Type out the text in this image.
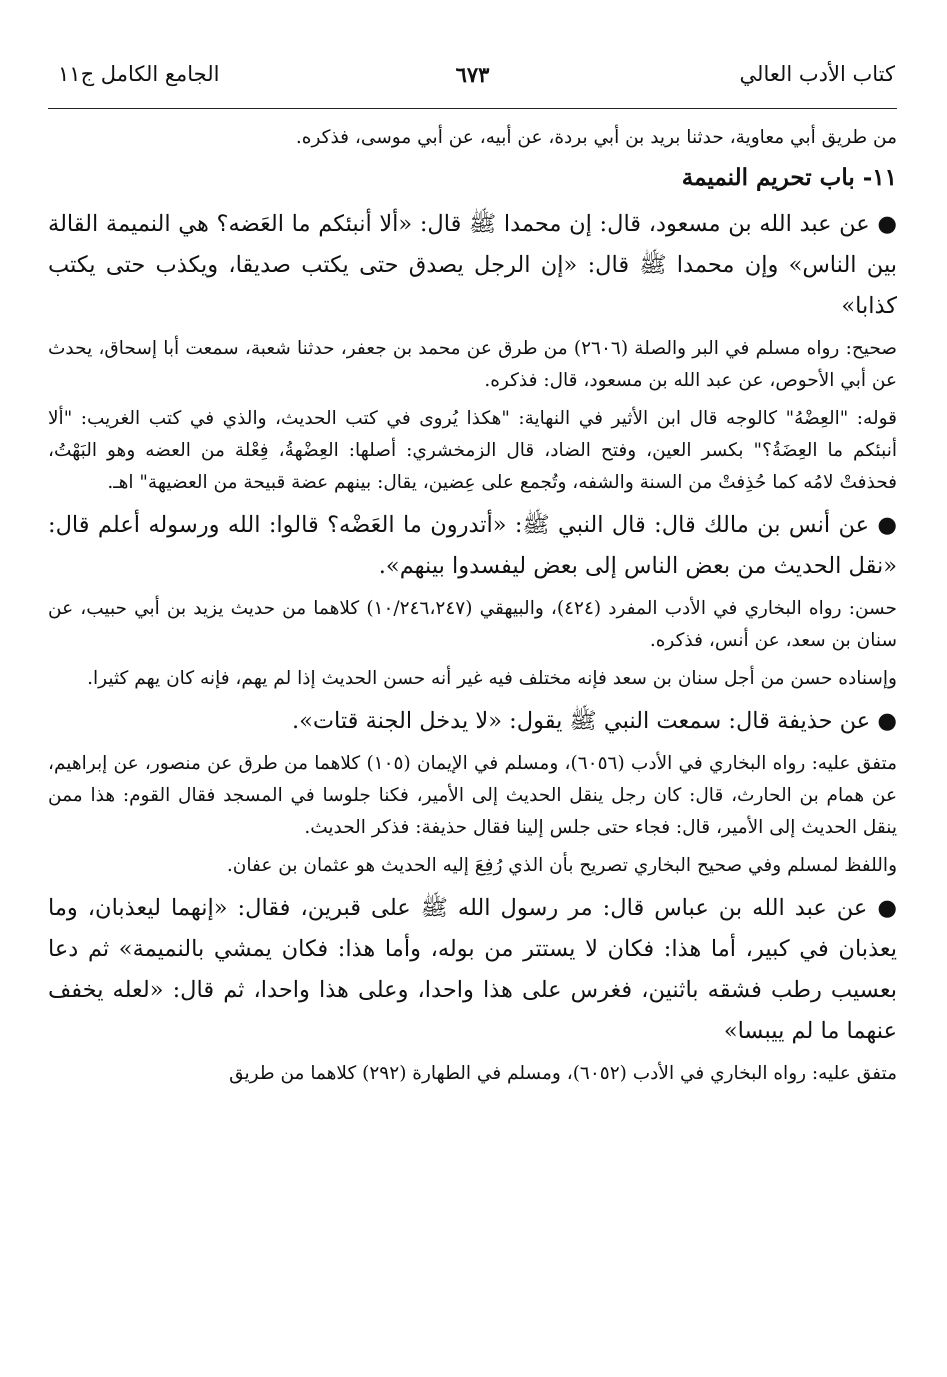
كتاب الأدب العالي
٦٧٣
الجامع الكامل ج١١

من طريق أبي معاوية، حدثنا بريد بن أبي بردة، عن أبيه، عن أبي موسى، فذكره.

١١- باب تحريم النميمة

● عن عبد الله بن مسعود، قال: إن محمدا ﷺ قال: «ألا أنبئكم ما العَضه؟ هي النميمة القالة بين الناس» وإن محمدا ﷺ قال: «إن الرجل يصدق حتى يكتب صديقا، ويكذب حتى يكتب كذابا»

صحيح: رواه مسلم في البر والصلة (٢٦٠٦) من طرق عن محمد بن جعفر، حدثنا شعبة، سمعت أبا إسحاق، يحدث عن أبي الأحوص، عن عبد الله بن مسعود، قال: فذكره.

قوله: "العِضْهُ" كالوجه قال ابن الأثير في النهاية: "هكذا يُروى في كتب الحديث، والذي في كتب الغريب: "ألا أنبئكم ما العِضَةُ؟" بكسر العين، وفتح الضاد، قال الزمخشري: أصلها: العِضْهةُ، فِعْلة من العضه وهو البَهْتُ، فحذفتْ لامُه كما حُذِفتْ من السنة والشفه، وتُجمع على عِضين، يقال: بينهم عضة قبيحة من العضيهة" اهـ.

● عن أنس بن مالك قال: قال النبي ﷺ: «أتدرون ما العَضْه؟ قالوا: الله ورسوله أعلم قال: «نقل الحديث من بعض الناس إلى بعض ليفسدوا بينهم».

حسن: رواه البخاري في الأدب المفرد (٤٢٤)، والبيهقي (١٠/٢٤٦،٢٤٧) كلاهما من حديث يزيد بن أبي حبيب، عن سنان بن سعد، عن أنس، فذكره.

وإسناده حسن من أجل سنان بن سعد فإنه مختلف فيه غير أنه حسن الحديث إذا لم يهم، فإنه كان يهم كثيرا.

● عن حذيفة قال: سمعت النبي ﷺ يقول: «لا يدخل الجنة قتات».

متفق عليه: رواه البخاري في الأدب (٦٠٥٦)، ومسلم في الإيمان (١٠٥) كلاهما من طرق عن منصور، عن إبراهيم، عن همام بن الحارث، قال: كان رجل ينقل الحديث إلى الأمير، فكنا جلوسا في المسجد فقال القوم: هذا ممن ينقل الحديث إلى الأمير، قال: فجاء حتى جلس إلينا فقال حذيفة: فذكر الحديث.

واللفظ لمسلم وفي صحيح البخاري تصريح بأن الذي رُفِعَ إليه الحديث هو عثمان بن عفان.

● عن عبد الله بن عباس قال: مر رسول الله ﷺ على قبرين، فقال: «إنهما ليعذبان، وما يعذبان في كبير، أما هذا: فكان لا يستتر من بوله، وأما هذا: فكان يمشي بالنميمة» ثم دعا بعسيب رطب فشقه باثنين، فغرس على هذا واحدا، وعلى هذا واحدا، ثم قال: «لعله يخفف عنهما ما لم ييبسا»

متفق عليه: رواه البخاري في الأدب (٦٠٥٢)، ومسلم في الطهارة (٢٩٢) كلاهما من طريق
